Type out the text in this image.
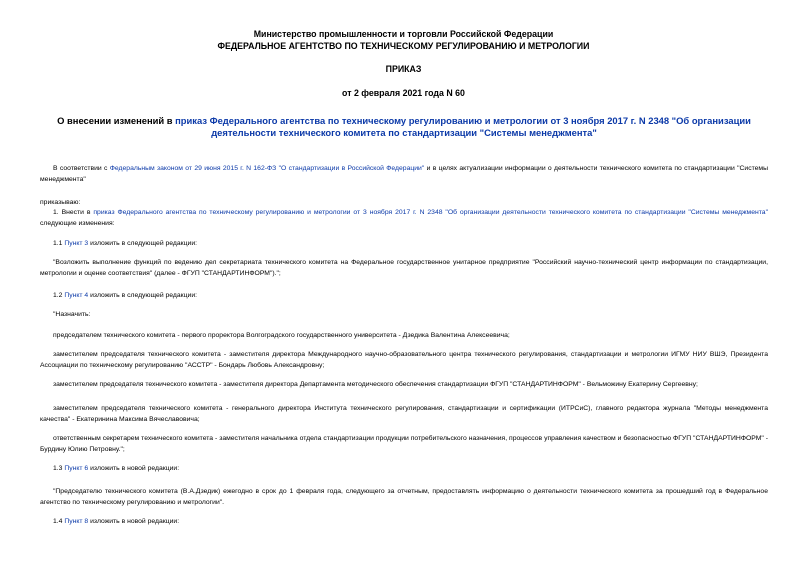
Министерство промышленности и торговли Российской Федерации
ФЕДЕРАЛЬНОЕ АГЕНТСТВО ПО ТЕХНИЧЕСКОМУ РЕГУЛИРОВАНИЮ И МЕТРОЛОГИИ
ПРИКАЗ
от 2 февраля 2021 года N 60
О внесении изменений в приказ Федерального агентства по техническому регулированию и метрологии от 3 ноября 2017 г. N 2348 "Об организации деятельности технического комитета по стандартизации "Системы менеджмента"
В соответствии с Федеральным законом от 29 июня 2015 г. N 162-ФЗ "О стандартизации в Российской Федерации" и в целях актуализации информации о деятельности технического комитета по стандартизации "Системы менеджмента"
приказываю:
1. Внести в приказ Федерального агентства по техническому регулированию и метрологии от 3 ноября 2017 г. N 2348 "Об организации деятельности технического комитета по стандартизации "Системы менеджмента" следующие изменения:
1.1 Пункт 3 изложить в следующей редакции:
"Возложить выполнение функций по ведению дел секретариата технического комитета на Федеральное государственное унитарное предприятие "Российский научно-технический центр информации по стандартизации, метрологии и оценке соответствия" (далее - ФГУП "СТАНДАРТИНФОРМ").";
1.2 Пункт 4 изложить в следующей редакции:
"Назначить:
председателем технического комитета - первого проректора Волгоградского государственного университета - Дзедика Валентина Алексеевича;
заместителем председателя технического комитета - заместителя директора Международного научно-образовательного центра технического регулирования, стандартизации и метрологии ИГМУ НИУ ВШЭ, Президента Ассоциации по техническому регулированию "АССТР" - Бондарь Любовь Александровну;
заместителем председателя технического комитета - заместителя директора Департамента методического обеспечения стандартизации ФГУП "СТАНДАРТИНФОРМ" - Вельможину Екатерину Сергеевну;
заместителем председателя технического комитета - генерального директора Института технического регулирования, стандартизации и сертификации (ИТРСиС), главного редактора журнала "Методы менеджмента качества" - Екатеринина Максима Вячеславовича;
ответственным секретарем технического комитета - заместителя начальника отдела стандартизации продукции потребительского назначения, процессов управления качеством и безопасностью ФГУП "СТАНДАРТИНФОРМ" - Бурдину Юлию Петровну.";
1.3 Пункт 6 изложить в новой редакции:
"Председателю технического комитета (В.А.Дзедик) ежегодно в срок до 1 февраля года, следующего за отчетным, предоставлять информацию о деятельности технического комитета за прошедший год в Федеральное агентство по техническому регулированию и метрологии".
1.4 Пункт 8 изложить в новой редакции:
